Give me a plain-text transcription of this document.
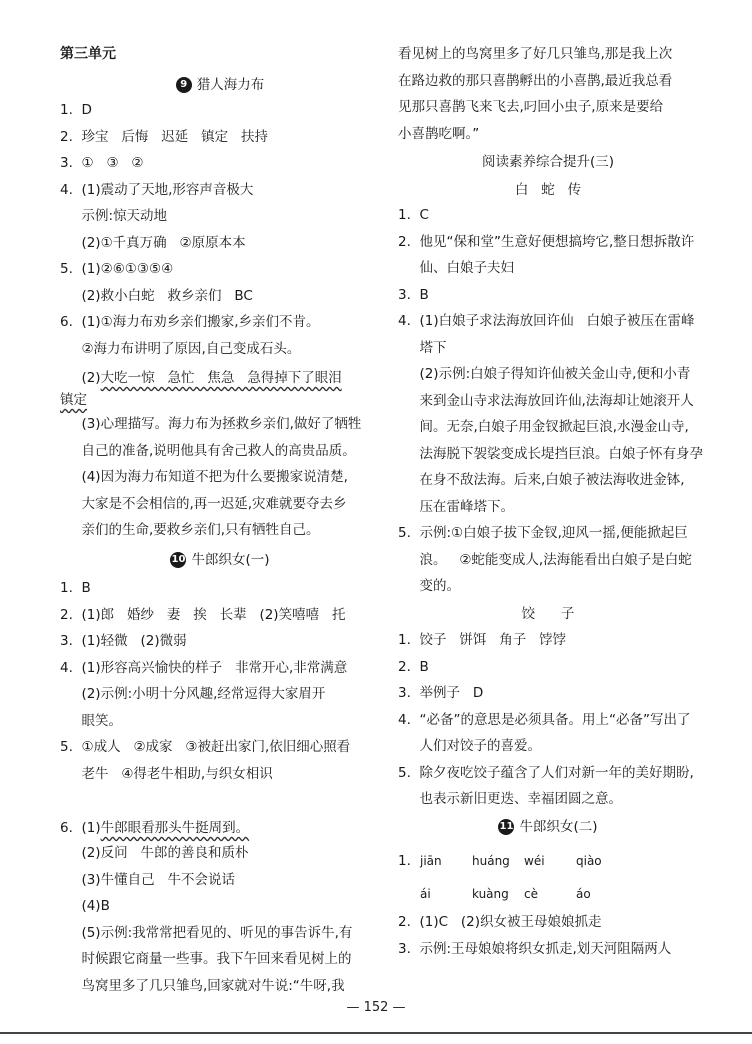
第三单元
9 猎人海力布
1.  D
2.  珍宝   后悔   迟延   镇定   扶持
3.  ①   ③   ②
4.  (1)震动了天地,形容声音极大
示例:惊天动地
(2)①千真万确   ②原原本本
5.  (1)②⑥①③⑤④
(2)救小白蛇   救乡亲们   BC
6.  (1)①海力布劝乡亲们搬家,乡亲们不肯。
②海力布讲明了原因,自己变成石头。
(2)大吃一惊   急忙   焦急   急得掉下了眼泪
镇定
(3)心理描写。海力布为拯救乡亲们,做好了牺牲
自己的准备,说明他具有舍己救人的高贵品质。
(4)因为海力布知道不把为什么要搬家说清楚,
大家是不会相信的,再一迟延,灾难就要夺去乡
亲们的生命,要救乡亲们,只有牺牲自己。
10 牛郎织女(一)
1.  B
2.  (1)郎   婚纱   妻   挨   长辈   (2)笑嘻嘻   托
3.  (1)轻微   (2)微弱
4.  (1)形容高兴愉快的样子   非常开心,非常满意
(2)示例:小明十分风趣,经常逗得大家眉开
眼笑。
5.  ①成人   ②成家   ③被赶出家门,依旧细心照看
老牛   ④得老牛相助,与织女相识
6.  (1)牛郎眼看那头牛挺周到。
(2)反问   牛郎的善良和质朴
(3)牛懂自己   牛不会说话
(4)B
(5)示例:我常常把看见的、听见的事告诉牛,有
时候跟它商量一些事。我下午回来看见树上的
鸟窝里多了几只雏鸟,回家就对牛说:“牛呀,我
看见树上的鸟窝里多了好几只雏鸟,那是我上次
在路边救的那只喜鹊孵出的小喜鹊,最近我总看
见那只喜鹊飞来飞去,叼回小虫子,原来是要给
小喜鹊吃啊。”
阅读素养综合提升(三)
白   蛇   传
1.  C
2.  他见“保和堂”生意好便想搞垮它,整日想拆散许
仙、白娘子夫妇
3.  B
4.  (1)白娘子求法海放回许仙   白娘子被压在雷峰
塔下
(2)示例:白娘子得知许仙被关金山寺,便和小青
来到金山寺求法海放回许仙,法海却让她滚开人
间。无奈,白娘子用金钗掀起巨浪,水漫金山寺,
法海脱下袈裟变成长堤挡巨浪。白娘子怀有身孕
在身不敌法海。后来,白娘子被法海收进金钵,
压在雷峰塔下。
5.  示例:①白娘子拔下金钗,迎风一摇,便能掀起巨
浪。   ②蛇能变成人,法海能看出白娘子是白蛇
变的。
饺      子
1.  饺子   饼饵   角子   饽饽
2.  B
3.  举例子   D
4.  “必备”的意思是必须具备。用上“必备”写出了
人们对饺子的喜爱。
5.  除夕夜吃饺子蕴含了人们对新一年的美好期盼,
也表示新旧更迭、幸福团圆之意。
11 牛郎织女(二)
1. jiān	huáng wéi	qiào
ái	kuàng cè	áo
2.  (1)C   (2)织女被王母娘娘抓走
3.  示例:王母娘娘将织女抓走,划天河阻隔两人
— 152 —
